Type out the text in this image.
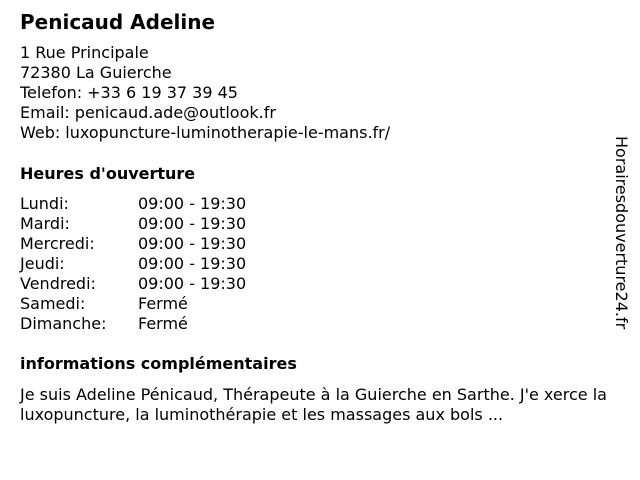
Penicaud Adeline
1 Rue Principale
72380 La Guierche
Telefon: +33 6 19 37 39 45
Email: penicaud.ade@outlook.fr
Web: luxopuncture-luminotherapie-le-mans.fr/
Heures d'ouverture
Lundi:	09:00 - 19:30
Mardi:	09:00 - 19:30
Mercredi:	09:00 - 19:30
Jeudi:	09:00 - 19:30
Vendredi:	09:00 - 19:30
Samedi:	Fermé
Dimanche:	Fermé
informations complémentaires
Je suis Adeline Pénicaud, Thérapeute à la Guierche en Sarthe. J'e xerce la luxopuncture, la luminothérapie et les massages aux bols ...
Horairesdouverture24.fr
